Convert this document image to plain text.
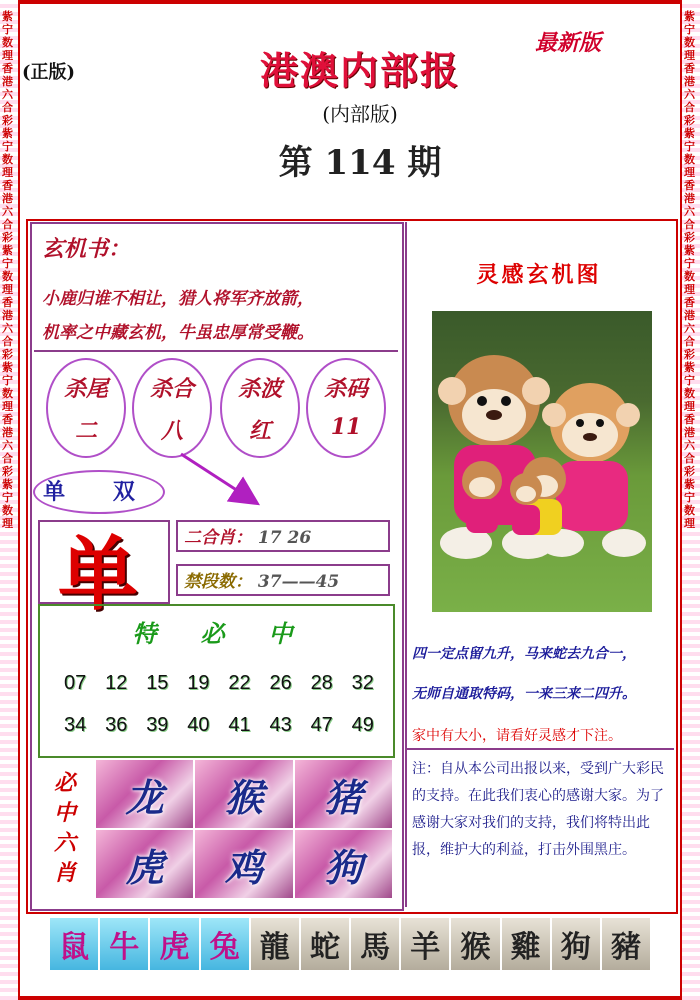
紫宁数理香港六合彩紫宁数理香港六合彩紫宁数理香港六合彩紫宁数理香港六合彩紫宁数理
紫宁数理香港六合彩紫宁数理香港六合彩紫宁数理香港六合彩紫宁数理香港六合彩紫宁数理
(正版)	港澳内部报
最新版
(内部版)
第 114 期
玄机书：
小鹿归谁不相让，猎人将军齐放箭，
机率之中藏玄机，牛虽忠厚常受鞭。
杀尾
二
杀合
八
杀波
红
杀码
11
单 双
单	二合肖： 17 26
禁段数： 37——45
特必中
07 12 15 19 22 26 28 32
34 36 39 40 41 43 47 49
必中六肖
龙	猴	猪
虎	鸡	狗
灵感玄机图
四一定点留九升，马来蛇去九合一，
无师自通取特码，一来三来二四升。
家中有大小，请看好灵感才下注。
注：自从本公司出报以来，受到广大彩民的支持。在此我们衷心的感谢大家。为了感谢大家对我们的支持，我们将特出此报，维护大的利益，打击外围黑庄。
鼠 牛 虎 兔 龍 蛇 馬 羊 猴 雞 狗 豬
